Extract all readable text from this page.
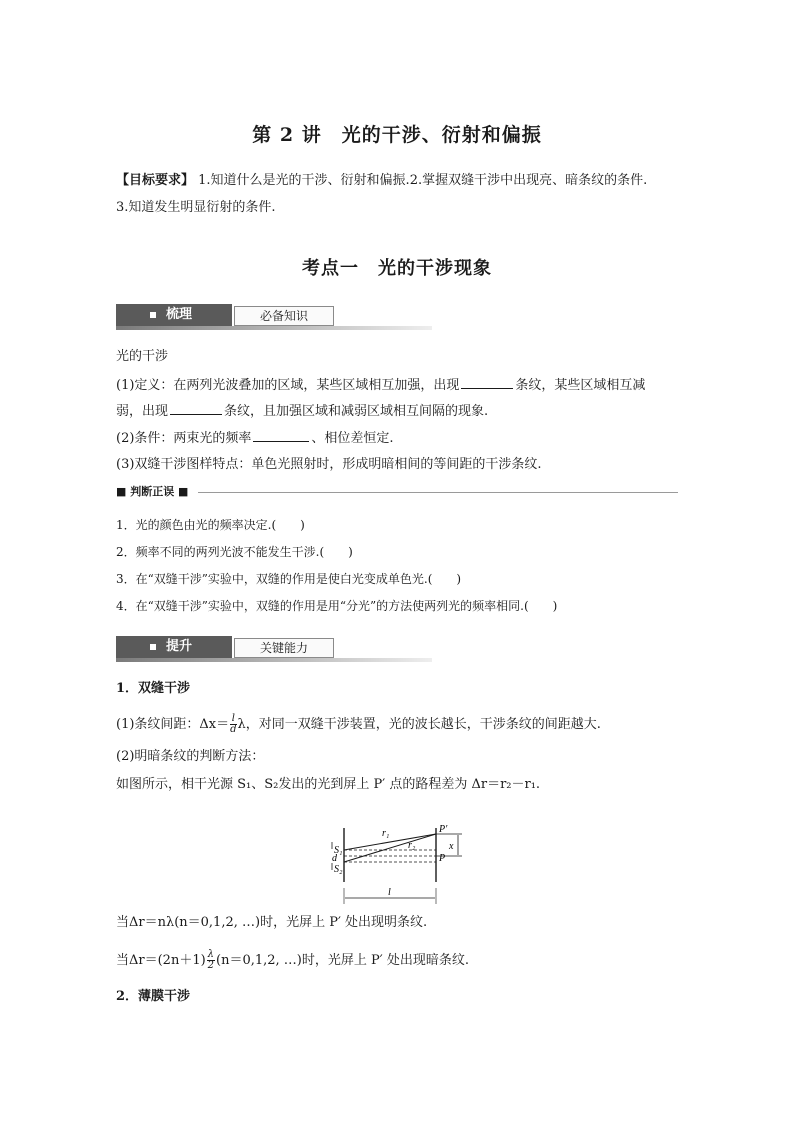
第 2 讲　光的干涉、衍射和偏振
【目标要求】 1.知道什么是光的干涉、衍射和偏振.2.掌握双缝干涉中出现亮、暗条纹的条件.
3.知道发生明显衍射的条件.
考点一　光的干涉现象
梳理	必备知识
光的干涉
(1)定义：在两列光波叠加的区域，某些区域相互加强，出现	条纹，某些区域相互减
弱，出现	条纹，且加强区域和减弱区域相互间隔的现象.
(2)条件：两束光的频率	、相位差恒定.
(3)双缝干涉图样特点：单色光照射时，形成明暗相间的等间距的干涉条纹.
■ 判断正误 ■
1．光的颜色由光的频率决定.(　　)
2．频率不同的两列光波不能发生干涉.(　　)
3．在“双缝干涉”实验中，双缝的作用是使白光变成单色光.(　　)
4．在“双缝干涉”实验中，双缝的作用是用“分光”的方法使两列光的频率相同.(　　)
提升	关键能力
1．双缝干涉
(1)条纹间距：$\Delta x= \frac{l}{d}$ λ，对同一双缝干涉装置，光的波长越长，干涉条纹的间距越大.
(2)明暗条纹的判断方法：
如图所示，相干光源 S₁、S₂发出的光到屏上 P′ 点的路程差为 Δr＝r₂－r₁.
S₁
d
S₂
r₁
r₂
P′
P
x
l
当Δr＝nλ(n＝0,1,2, …)时，光屏上 P′ 处出现明条纹.
当$\Delta r=(2n+1) \frac{\lambda}{2} (n=0,1,2$, …)时，光屏上 P′ 处出现暗条纹.
2．薄膜干涉
